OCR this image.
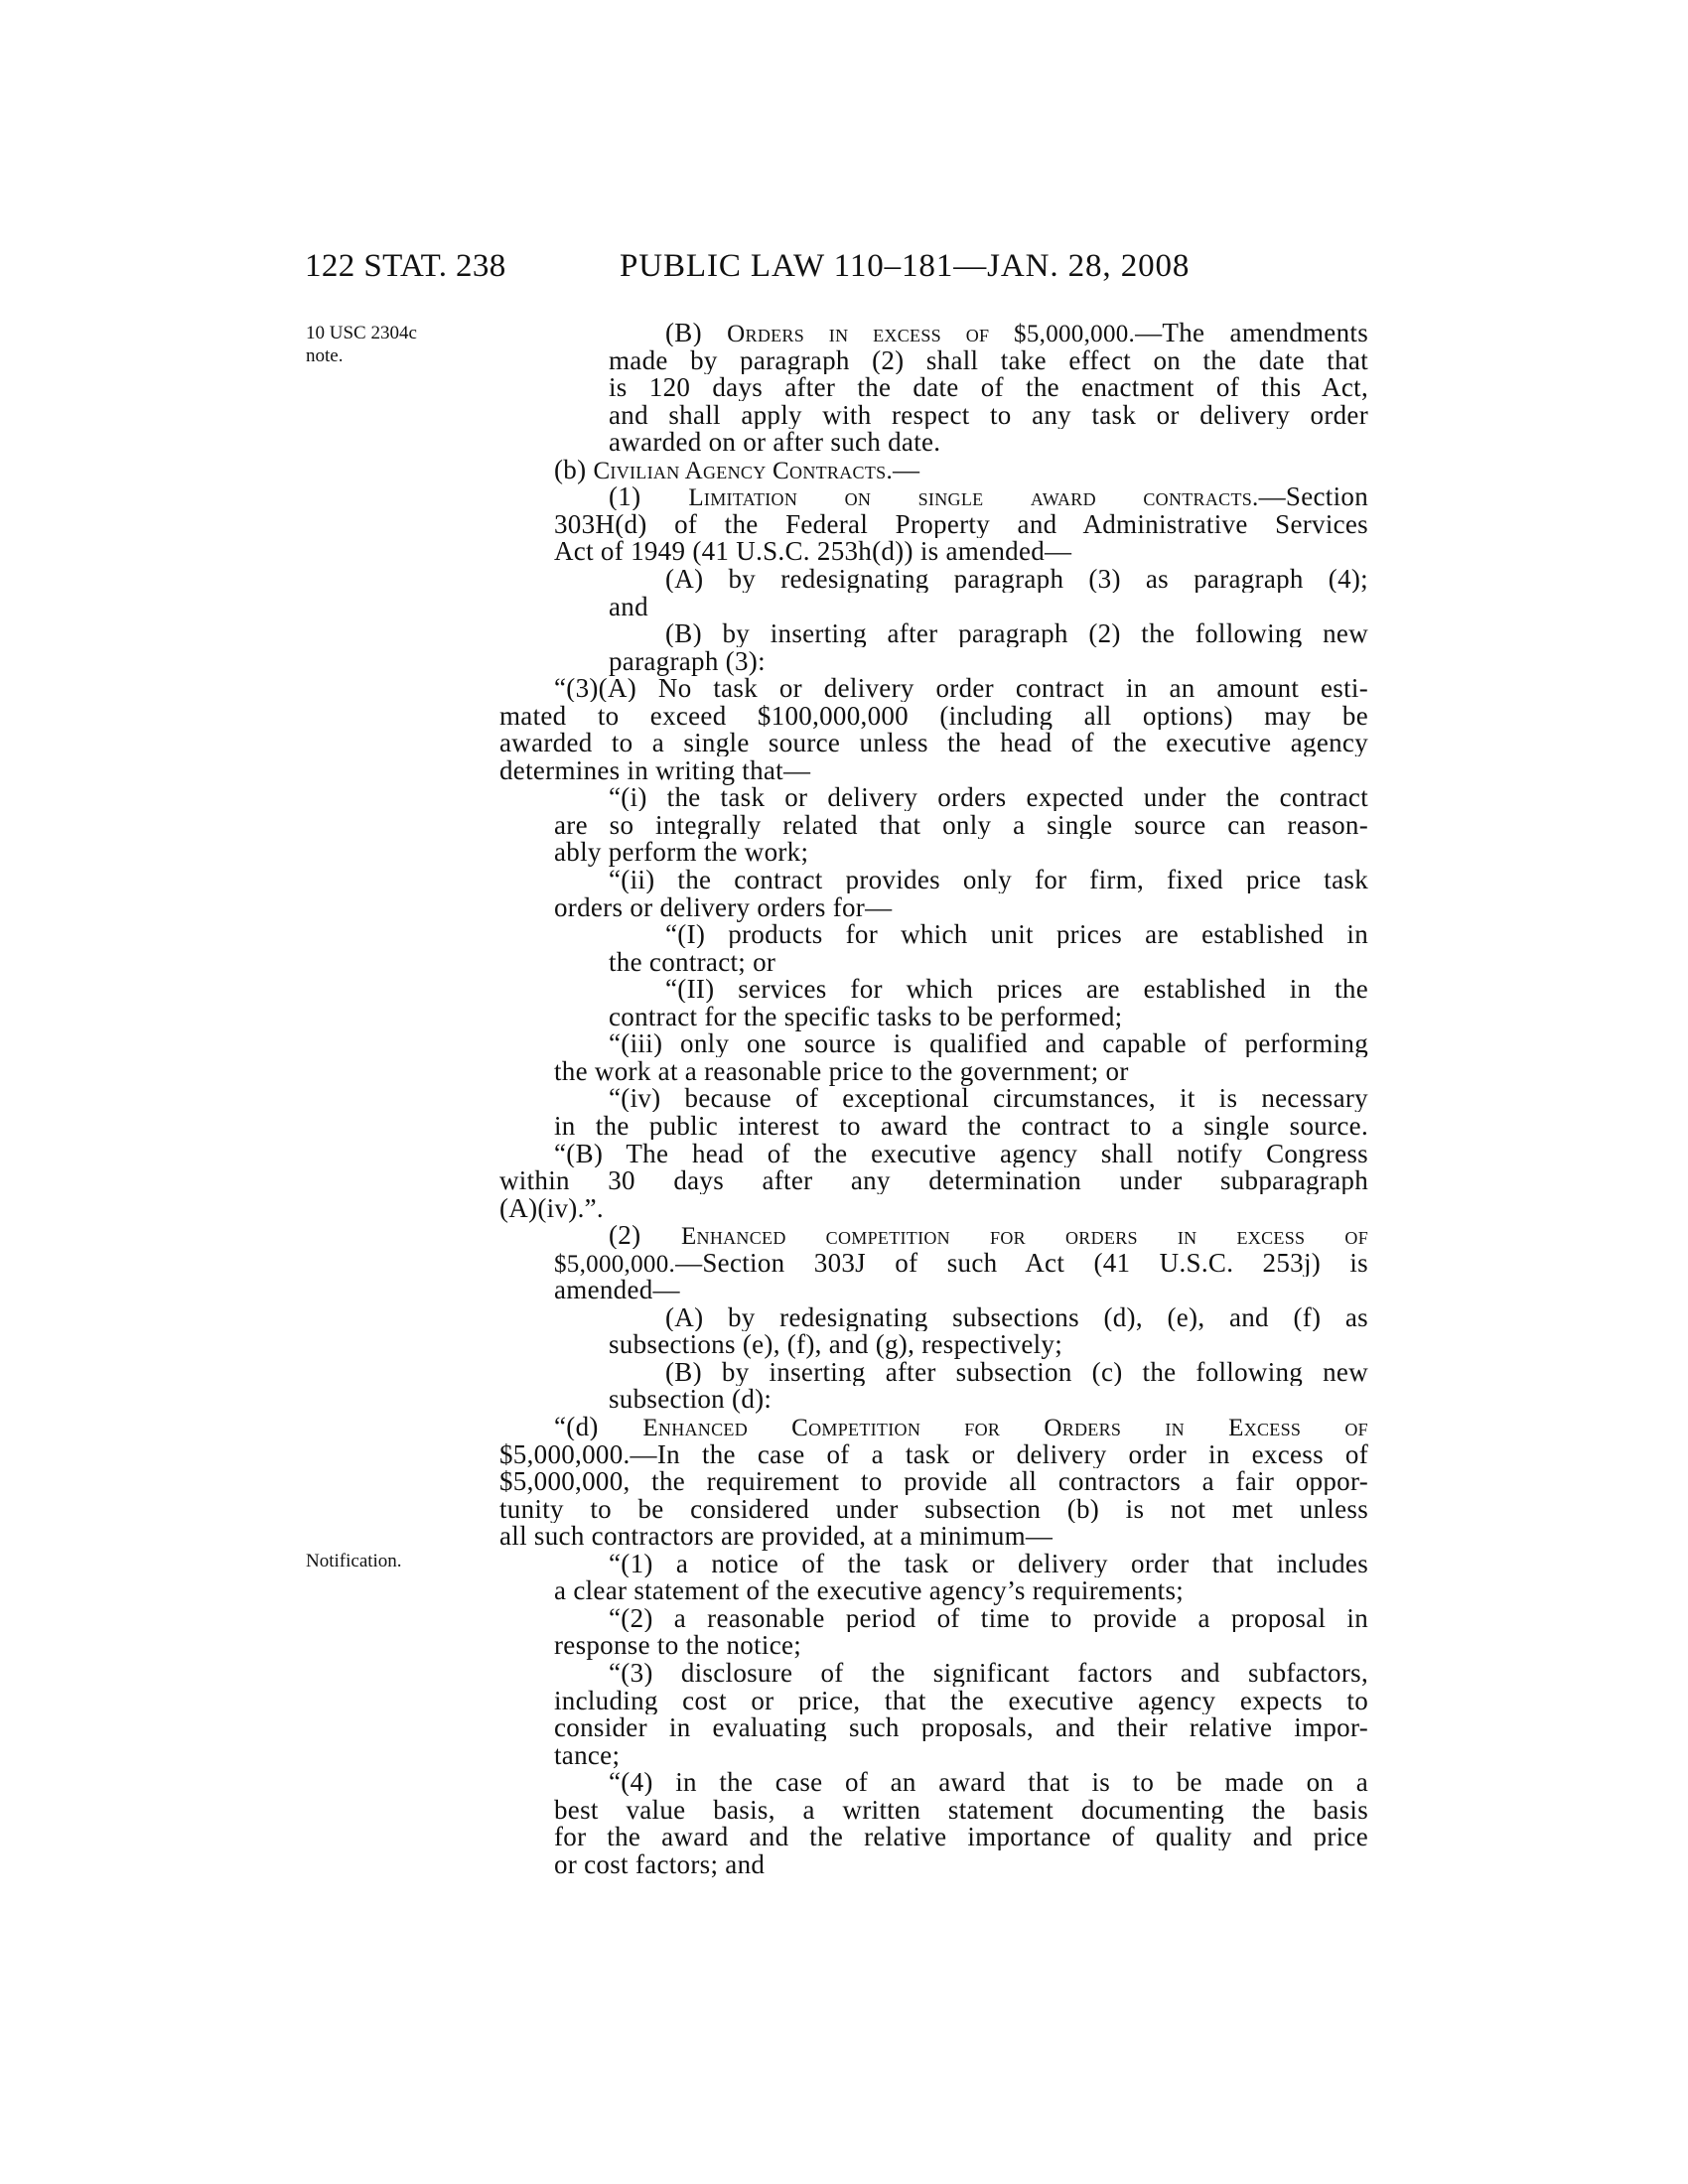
122 STAT. 238	PUBLIC LAW 110–181—JAN. 28, 2008
10 USC 2304c
note.
Notification.
(B) Orders in excess of $5,000,000.—The amendments
made by paragraph (2) shall take effect on the date that
is 120 days after the date of the enactment of this Act,
and shall apply with respect to any task or delivery order
awarded on or after such date.
(b) Civilian Agency Contracts.—
(1) Limitation on single award contracts.—Section
303H(d) of the Federal Property and Administrative Services
Act of 1949 (41 U.S.C. 253h(d)) is amended—
(A) by redesignating paragraph (3) as paragraph (4);
and
(B) by inserting after paragraph (2) the following new
paragraph (3):
“(3)(A) No task or delivery order contract in an amount esti-
mated to exceed $100,000,000 (including all options) may be
awarded to a single source unless the head of the executive agency
determines in writing that—
“(i) the task or delivery orders expected under the contract
are so integrally related that only a single source can reason-
ably perform the work;
“(ii) the contract provides only for firm, fixed price task
orders or delivery orders for—
“(I) products for which unit prices are established in
the contract; or
“(II) services for which prices are established in the
contract for the specific tasks to be performed;
“(iii) only one source is qualified and capable of performing
the work at a reasonable price to the government; or
“(iv) because of exceptional circumstances, it is necessary
in the public interest to award the contract to a single source.
“(B) The head of the executive agency shall notify Congress
within 30 days after any determination under subparagraph
(A)(iv).”.
(2) Enhanced competition for orders in excess of
$5,000,000.—Section 303J of such Act (41 U.S.C. 253j) is
amended—
(A) by redesignating subsections (d), (e), and (f) as
subsections (e), (f), and (g), respectively;
(B) by inserting after subsection (c) the following new
subsection (d):
“(d) Enhanced Competition for Orders in Excess of
$5,000,000.—In the case of a task or delivery order in excess of
$5,000,000, the requirement to provide all contractors a fair oppor-
tunity to be considered under subsection (b) is not met unless
all such contractors are provided, at a minimum—
“(1) a notice of the task or delivery order that includes
a clear statement of the executive agency’s requirements;
“(2) a reasonable period of time to provide a proposal in
response to the notice;
“(3) disclosure of the significant factors and subfactors,
including cost or price, that the executive agency expects to
consider in evaluating such proposals, and their relative impor-
tance;
“(4) in the case of an award that is to be made on a
best value basis, a written statement documenting the basis
for the award and the relative importance of quality and price
or cost factors; and
